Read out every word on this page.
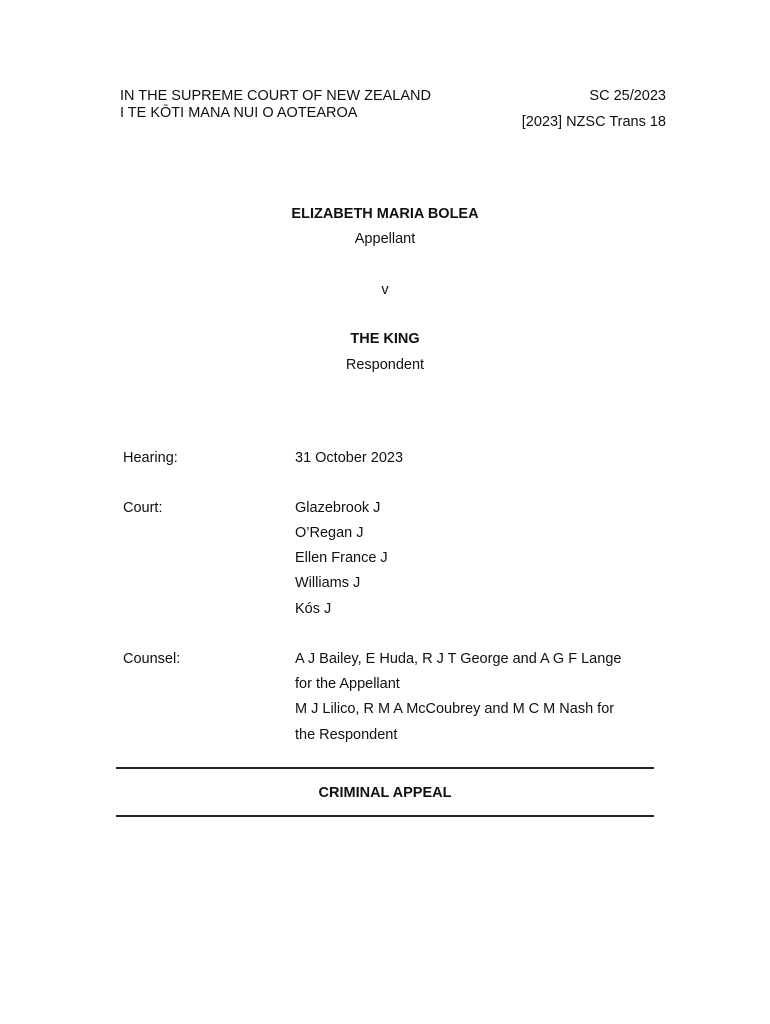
IN THE SUPREME COURT OF NEW ZEALAND
I TE KŌTI MANA NUI O AOTEAROA
SC 25/2023
[2023] NZSC Trans 18
ELIZABETH MARIA BOLEA
Appellant
v
THE KING
Respondent
Hearing:	31 October 2023
Court:	Glazebrook J
O’Regan J
Ellen France J
Williams J
Kós J
Counsel:	A J Bailey, E Huda, R J T George and A G F Lange
for the Appellant
M J Lilico, R M A McCoubrey and M C M Nash for
the Respondent
CRIMINAL APPEAL
